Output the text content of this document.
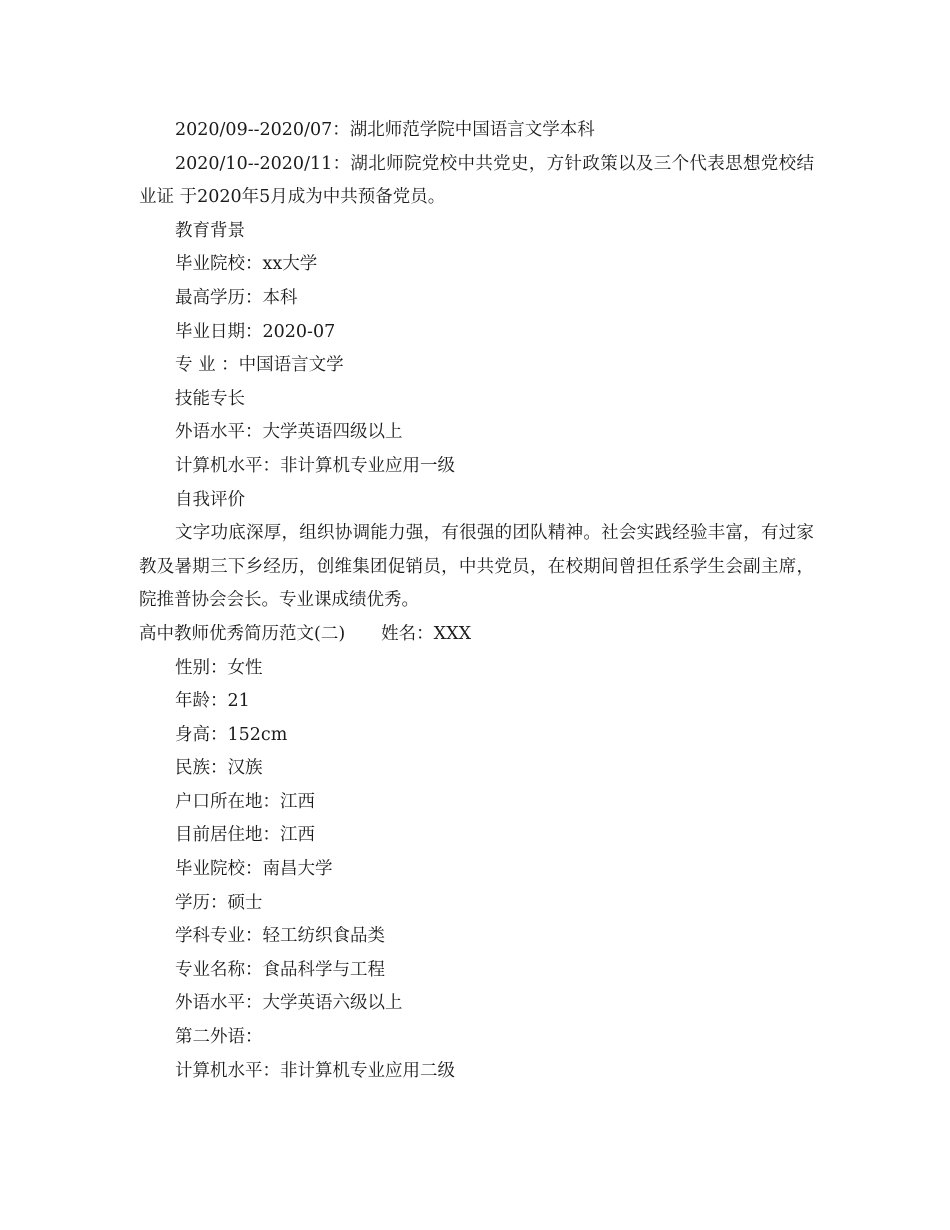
2020/09--2020/07：湖北师范学院中国语言文学本科

2020/10--2020/11：湖北师院党校中共党史，方针政策以及三个代表思想党校结业证 于2020年5月成为中共预备党员。

教育背景

毕业院校：xx大学

最高学历：本科

毕业日期：2020-07

专 业 ：中国语言文学

技能专长

外语水平：大学英语四级以上

计算机水平：非计算机专业应用一级

自我评价

文字功底深厚，组织协调能力强，有很强的团队精神。社会实践经验丰富，有过家教及暑期三下乡经历，创维集团促销员，中共党员，在校期间曾担任系学生会副主席，院推普协会会长。专业课成绩优秀。

高中教师优秀简历范文(二) 姓名：XXX

性别：女性

年龄：21

身高：152cm

民族：汉族

户口所在地：江西

目前居住地：江西

毕业院校：南昌大学

学历：硕士

学科专业：轻工纺织食品类

专业名称：食品科学与工程

外语水平：大学英语六级以上

第二外语：

计算机水平：非计算机专业应用二级
